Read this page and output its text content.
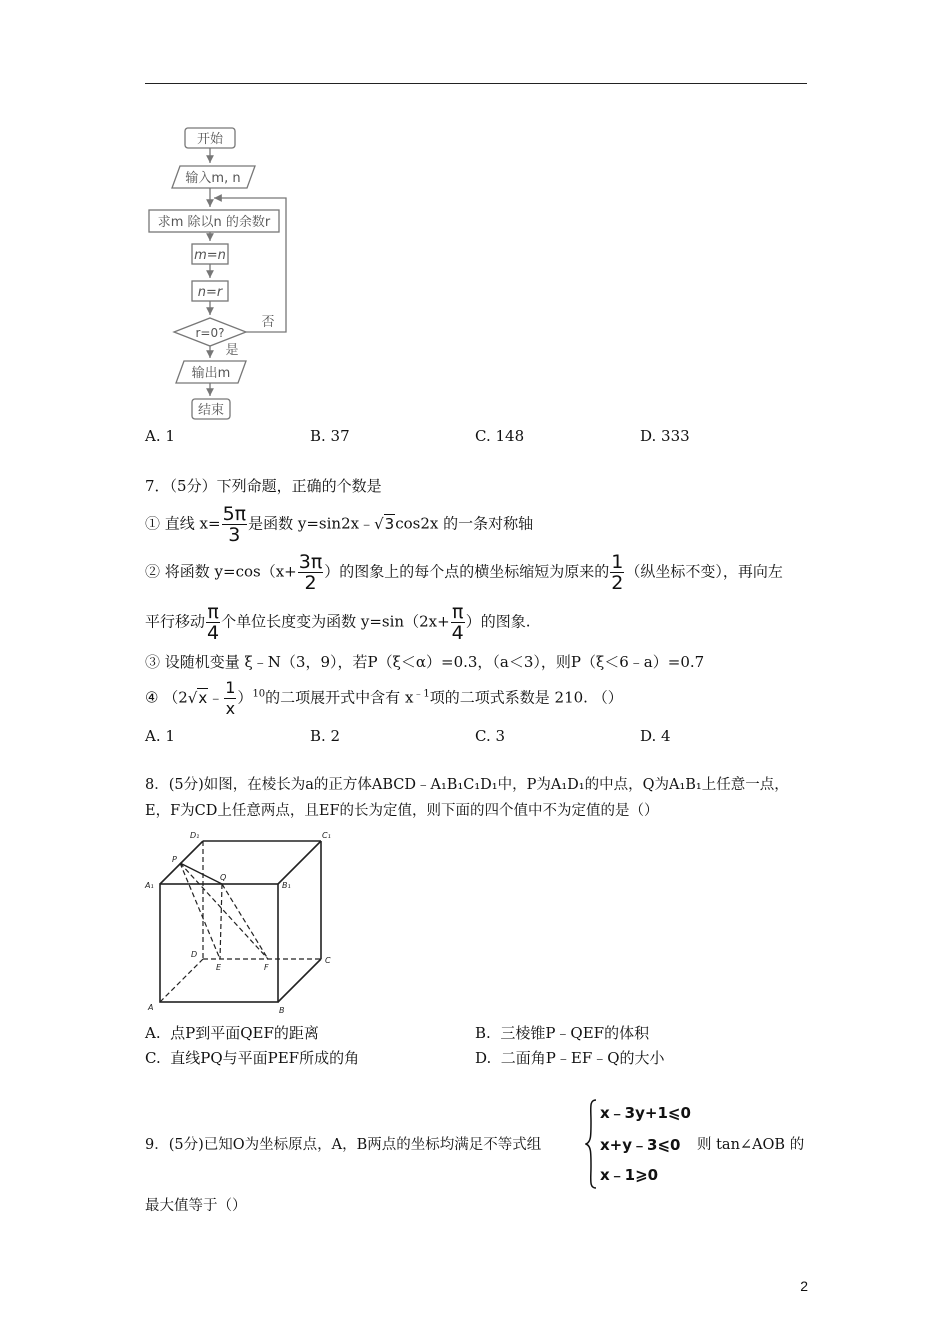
开始
输入m, n
求m 除以n 的余数r
m=n
n=r
r=0?
否
是
输出m
结束
A. 1	B. 37	C. 148	D. 333
7．（5分）下列命题，正确的个数是
① 直线 $x= \frac{5\pi}{3}$ 是函数 y=sin2x﹣√3cos2x 的一条对称轴
② 将函数 $y=\cos(x+ \frac{3\pi}{2}$ ）的图象上的每个点的横坐标缩短为原来的 $\frac{1}{2}$ （纵坐标不变），再向左
平行移动 $\frac{\pi}{4}$ 个单位长度变为函数 $y=\sin(2x+ \frac{\pi}{4}$ ）的图象.
③ 设随机变量 ξ﹣N（3，9），若P（ξ＜α）=0.3，（a＜3），则P（ξ＜6﹣a）=0.7
④ （2√x﹣ $\frac{1}{x} )^{10}$的二项展开式中含有 $x^{﹣1}$项的二项式系数是 210. （）
A. 1	B. 2	C. 3	D. 4
8．(5分)如图，在棱长为a的正方体ABCD﹣A₁B₁C₁D₁中，P为A₁D₁的中点，Q为A₁B₁上任意一点，
E，F为CD上任意两点，且EF的长为定值，则下面的四个值中不为定值的是（）
D₁	C₁
P
Q
A₁	B₁
D
E	F
C
A	B
A.  点P到平面QEF的距离	B.  三棱锥P﹣QEF的体积
C.  直线PQ与平面PEF所成的角	D.  二面角P﹣EF﹣Q的大小
9．(5分)已知O为坐标原点，A，B两点的坐标均满足不等式组
x﹣3y+1⩽0
x+y﹣3⩽0
x﹣1⩾0
则 tan∠AOB 的
最大值等于（）
2
